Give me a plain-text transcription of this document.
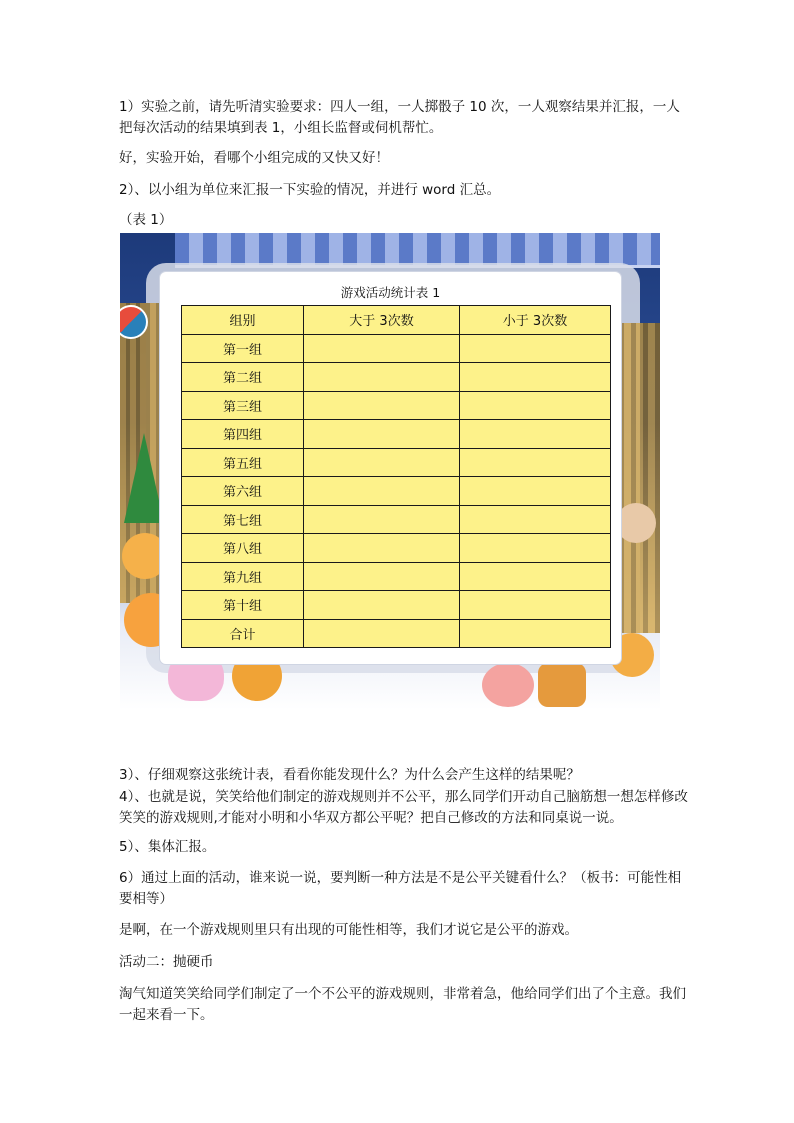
1）实验之前，请先听清实验要求：四人一组，一人掷骰子 10 次，一人观察结果并汇报，一人把每次活动的结果填到表 1，小组长监督或伺机帮忙。

好，实验开始，看哪个小组完成的又快又好！

2）、以小组为单位来汇报一下实验的情况，并进行 word 汇总。

（表 1）

游戏活动统计表 1
组别	大于 3次数	小于 3次数
第一组		
第二组		
第三组		
第四组		
第五组		
第六组		
第七组		
第八组		
第九组		
第十组		
合计		

3）、仔细观察这张统计表，看看你能发现什么？为什么会产生这样的结果呢？

4）、也就是说，笑笑给他们制定的游戏规则并不公平，那么同学们开动自己脑筋想一想怎样修改笑笑的游戏规则,才能对小明和小华双方都公平呢？把自己修改的方法和同桌说一说。

5）、集体汇报。

6）通过上面的活动，谁来说一说，要判断一种方法是不是公平关键看什么？（板书：可能性相要相等）

是啊，在一个游戏规则里只有出现的可能性相等，我们才说它是公平的游戏。

活动二：抛硬币

淘气知道笑笑给同学们制定了一个不公平的游戏规则，非常着急，他给同学们出了个主意。我们一起来看一下。
